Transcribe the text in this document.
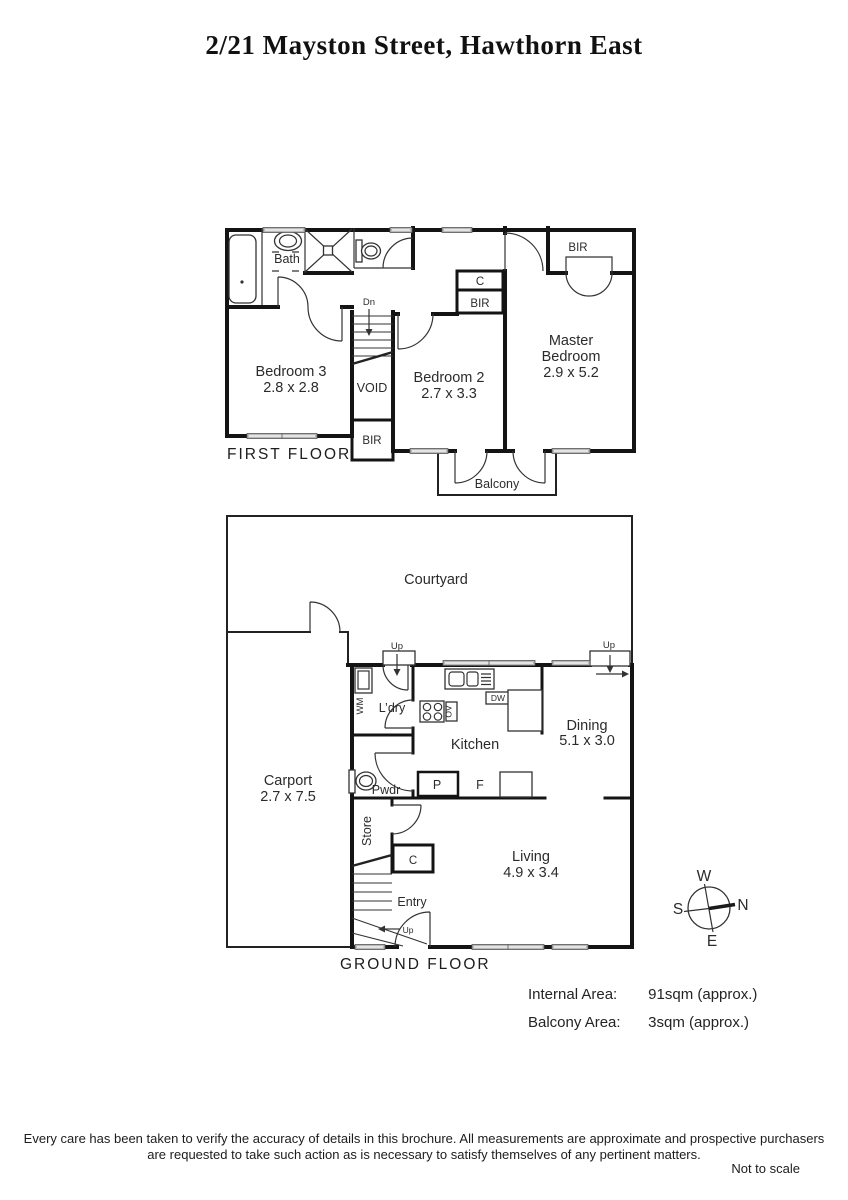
2/21 Mayston Street, Hawthorn East
Bath
Bedroom 3
2.8 x 2.8
Bedroom 2
2.7 x 3.3
Master
Bedroom
2.9 x 5.2
VOID
BIR
C
BIR
BIR
Balcony
Dn
FIRST FLOOR
Courtyard
Carport
2.7 x 7.5
L’dry
WM
Kitchen
OV
DW
Dining
5.1 x 3.0
Pwdr	P	F
Store
C
Entry
Living
4.9 x 3.4
Up	Up
Up
GROUND FLOOR
W
N
S
E
Internal Area: 91sqm (approx.)
Balcony Area: 3sqm (approx.)
Every care has been taken to verify the accuracy of details in this brochure. All measurements are approximate and prospective purchasers
are requested to take such action as is necessary to satisfy themselves of any pertinent matters.
Not to scale
